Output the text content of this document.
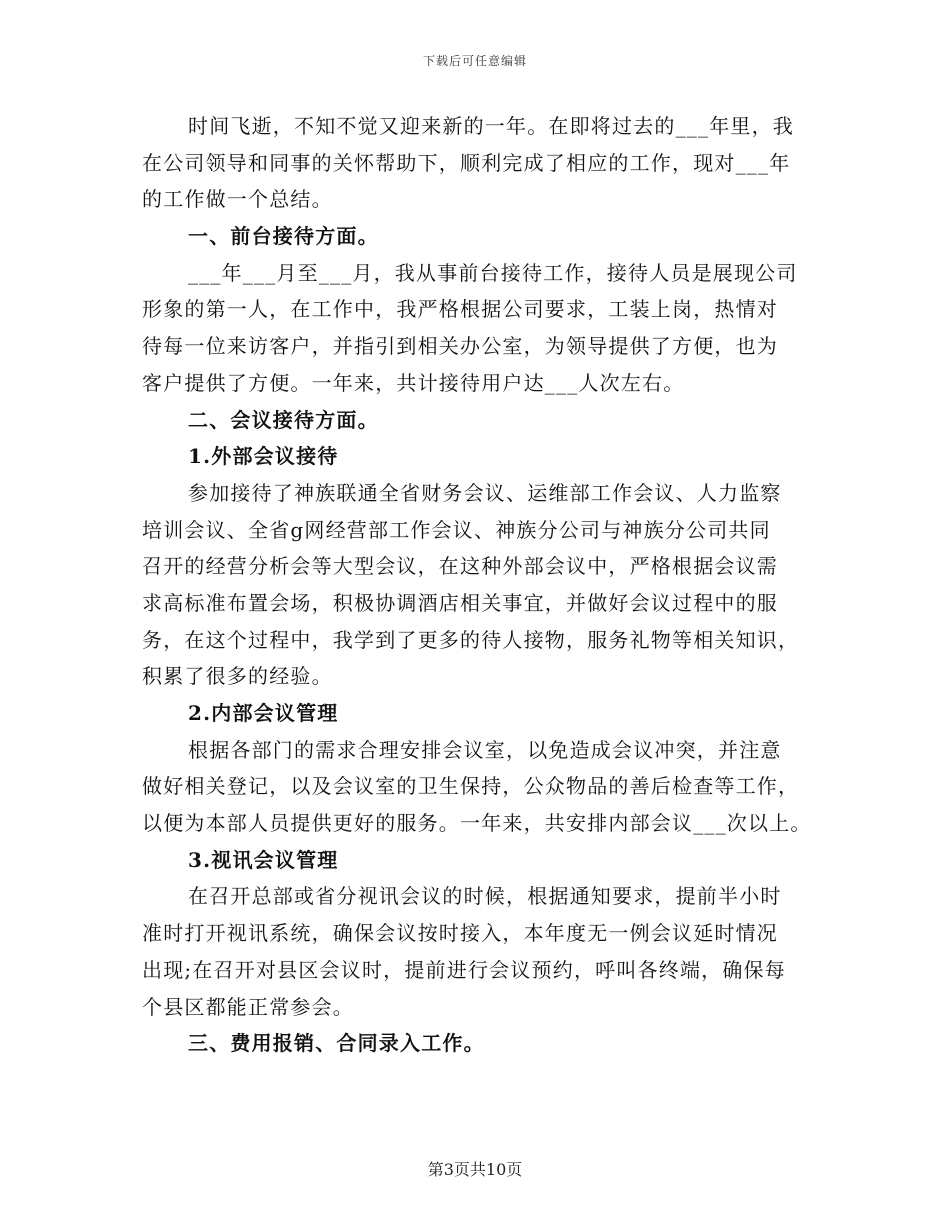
下载后可任意编辑
时间飞逝，不知不觉又迎来新的一年。在即将过去的___年里，我
在公司领导和同事的关怀帮助下，顺利完成了相应的工作，现对___年
的工作做一个总结。
一、前台接待方面。
___年___月至___月，我从事前台接待工作，接待人员是展现公司
形象的第一人，在工作中，我严格根据公司要求，工装上岗，热情对
待每一位来访客户，并指引到相关办公室，为领导提供了方便，也为
客户提供了方便。一年来，共计接待用户达___人次左右。
二、会议接待方面。
1.外部会议接待
参加接待了神族联通全省财务会议、运维部工作会议、人力监察
培训会议、全省g网经营部工作会议、神族分公司与神族分公司共同
召开的经营分析会等大型会议，在这种外部会议中，严格根据会议需
求高标准布置会场，积极协调酒店相关事宜，并做好会议过程中的服
务，在这个过程中，我学到了更多的待人接物，服务礼物等相关知识，
积累了很多的经验。
2.内部会议管理
根据各部门的需求合理安排会议室，以免造成会议冲突，并注意
做好相关登记，以及会议室的卫生保持，公众物品的善后检查等工作，
以便为本部人员提供更好的服务。一年来，共安排内部会议___次以上。
3.视讯会议管理
在召开总部或省分视讯会议的时候，根据通知要求，提前半小时
准时打开视讯系统，确保会议按时接入，本年度无一例会议延时情况
出现;在召开对县区会议时，提前进行会议预约，呼叫各终端，确保每
个县区都能正常参会。
三、费用报销、合同录入工作。
第3页共10页
